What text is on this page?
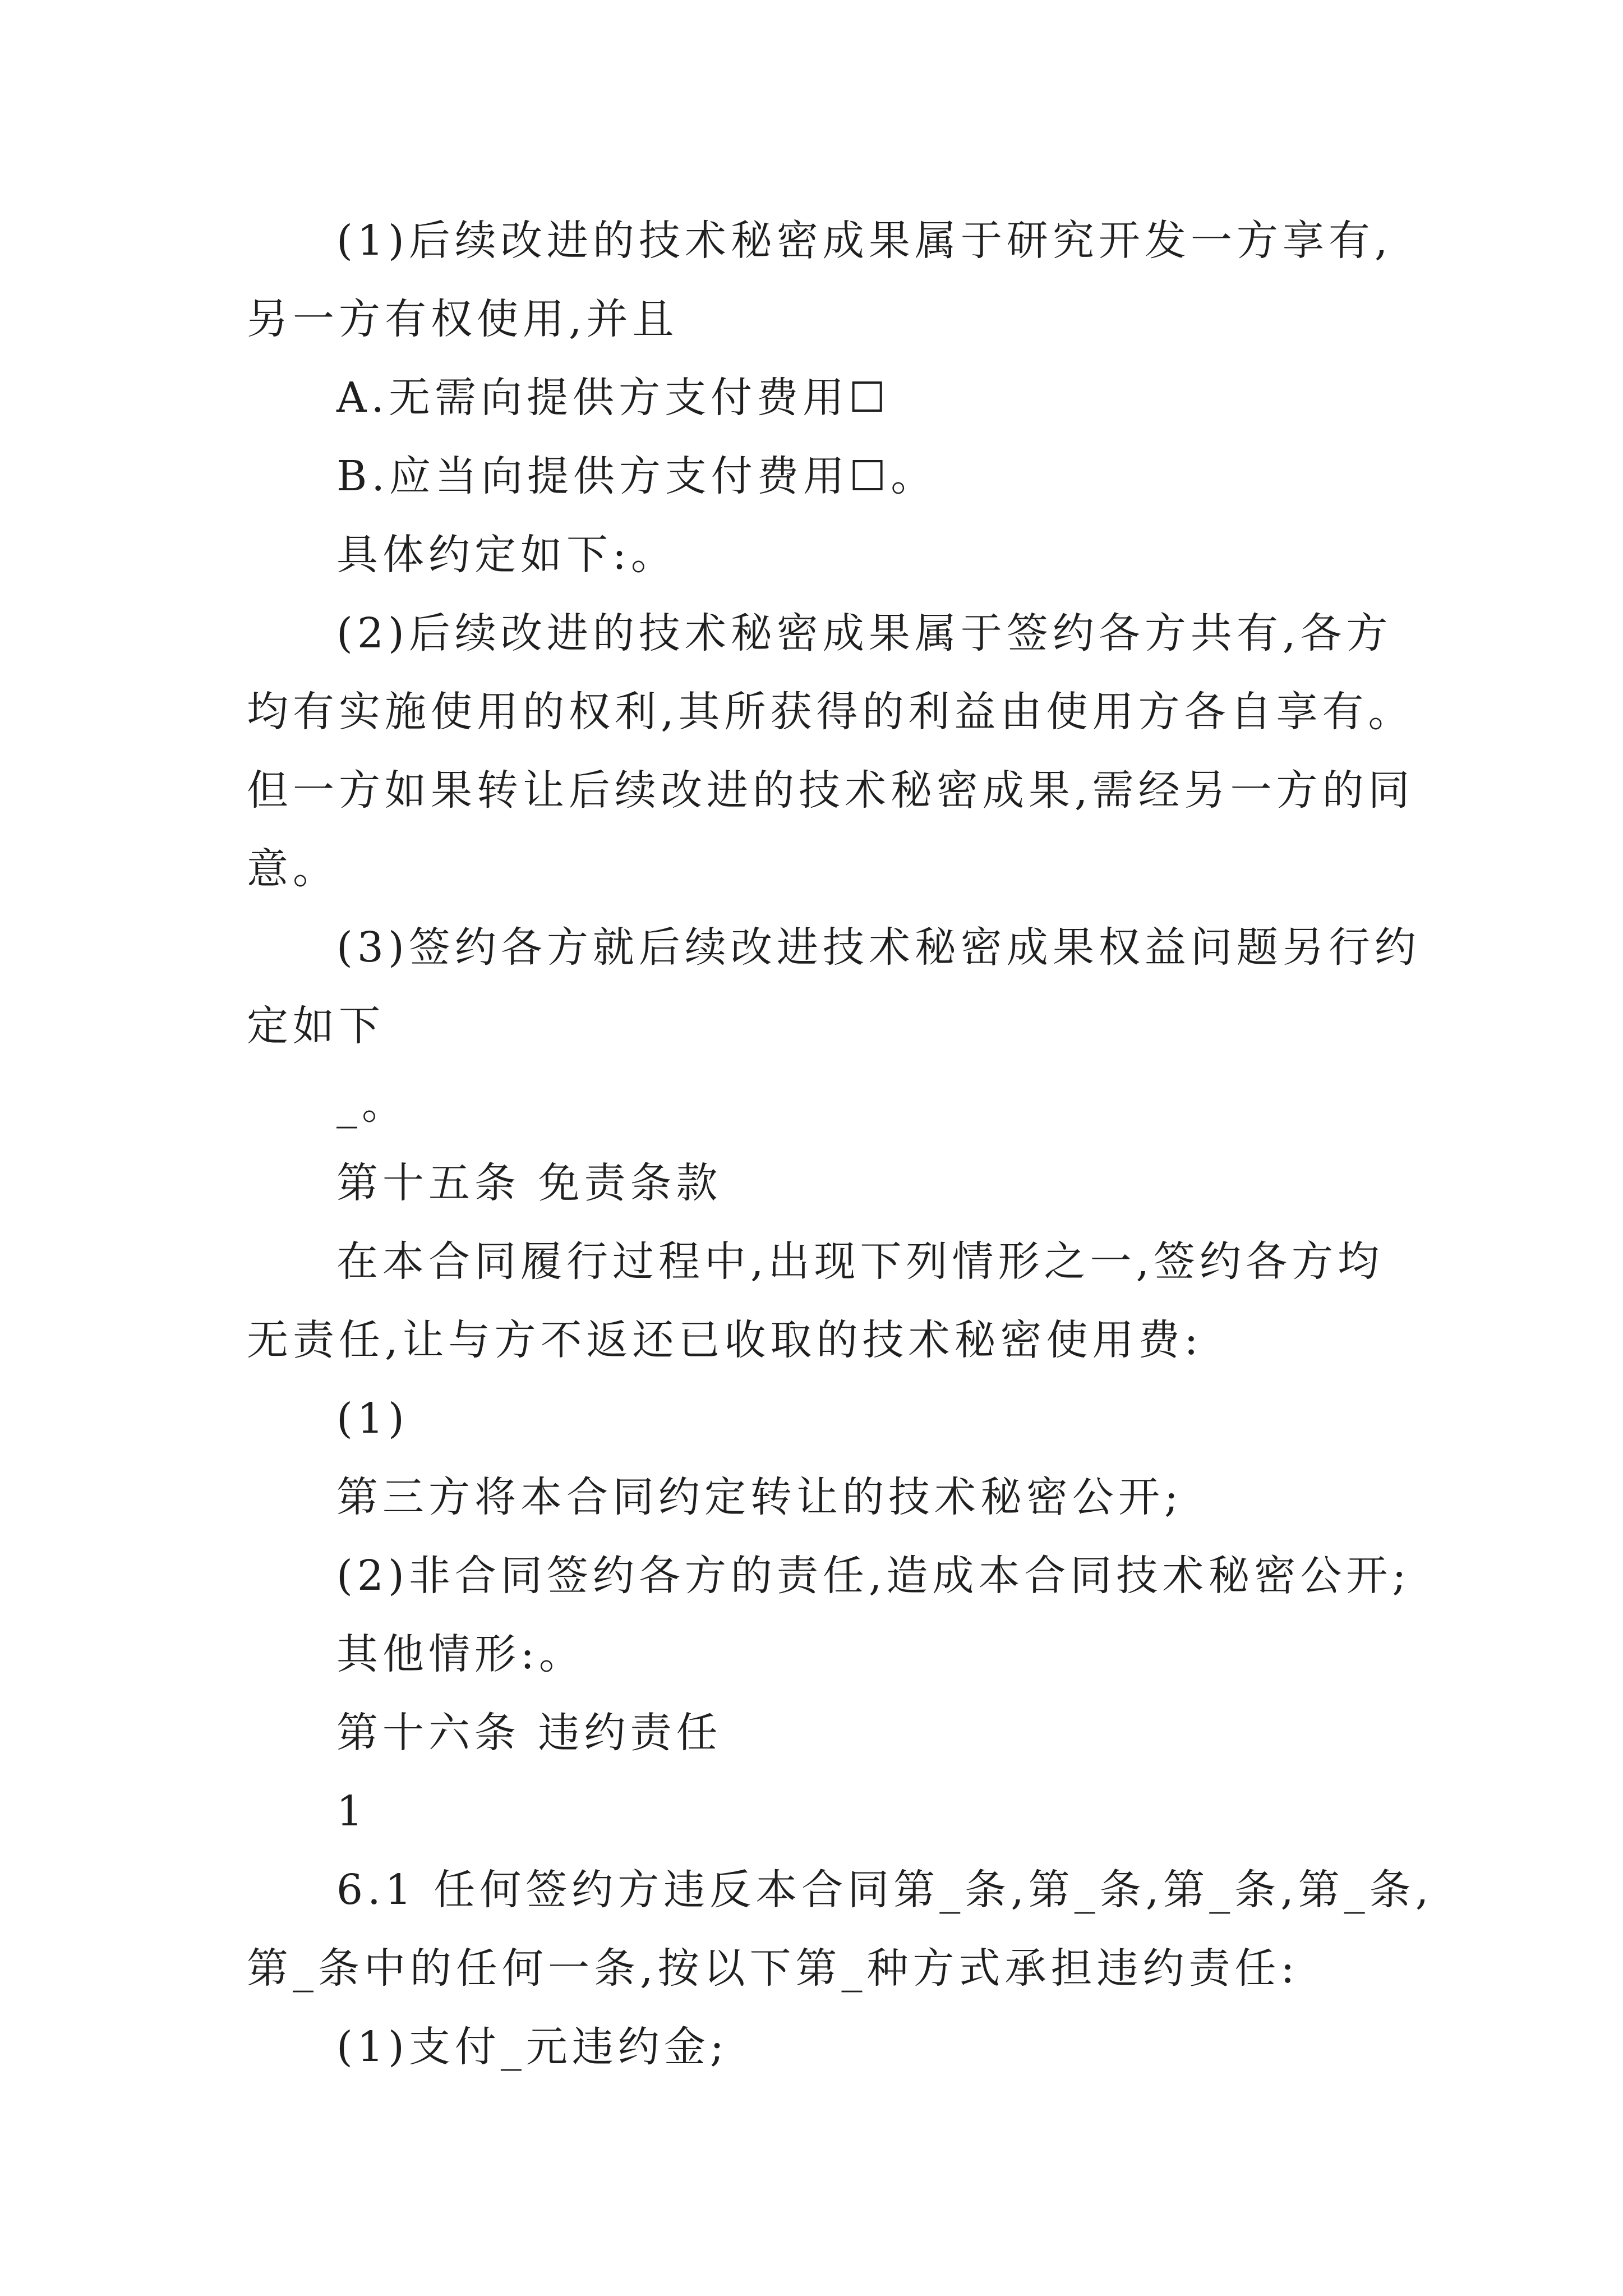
(1)后续改进的技术秘密成果属于研究开发一方享有,
另一方有权使用,并且
A.无需向提供方支付费用☐
B.应当向提供方支付费用☐。
具体约定如下:。
(2)后续改进的技术秘密成果属于签约各方共有,各方
均有实施使用的权利,其所获得的利益由使用方各自享有。
但一方如果转让后续改进的技术秘密成果,需经另一方的同
意。
(3)签约各方就后续改进技术秘密成果权益问题另行约
定如下
_。
第十五条 免责条款
在本合同履行过程中,出现下列情形之一,签约各方均
无责任,让与方不返还已收取的技术秘密使用费:
(1)
第三方将本合同约定转让的技术秘密公开;
(2)非合同签约各方的责任,造成本合同技术秘密公开;
其他情形:。
第十六条 违约责任
1
6.1 任何签约方违反本合同第_条,第_条,第_条,第_条,
第_条中的任何一条,按以下第_种方式承担违约责任:
(1)支付_元违约金;
